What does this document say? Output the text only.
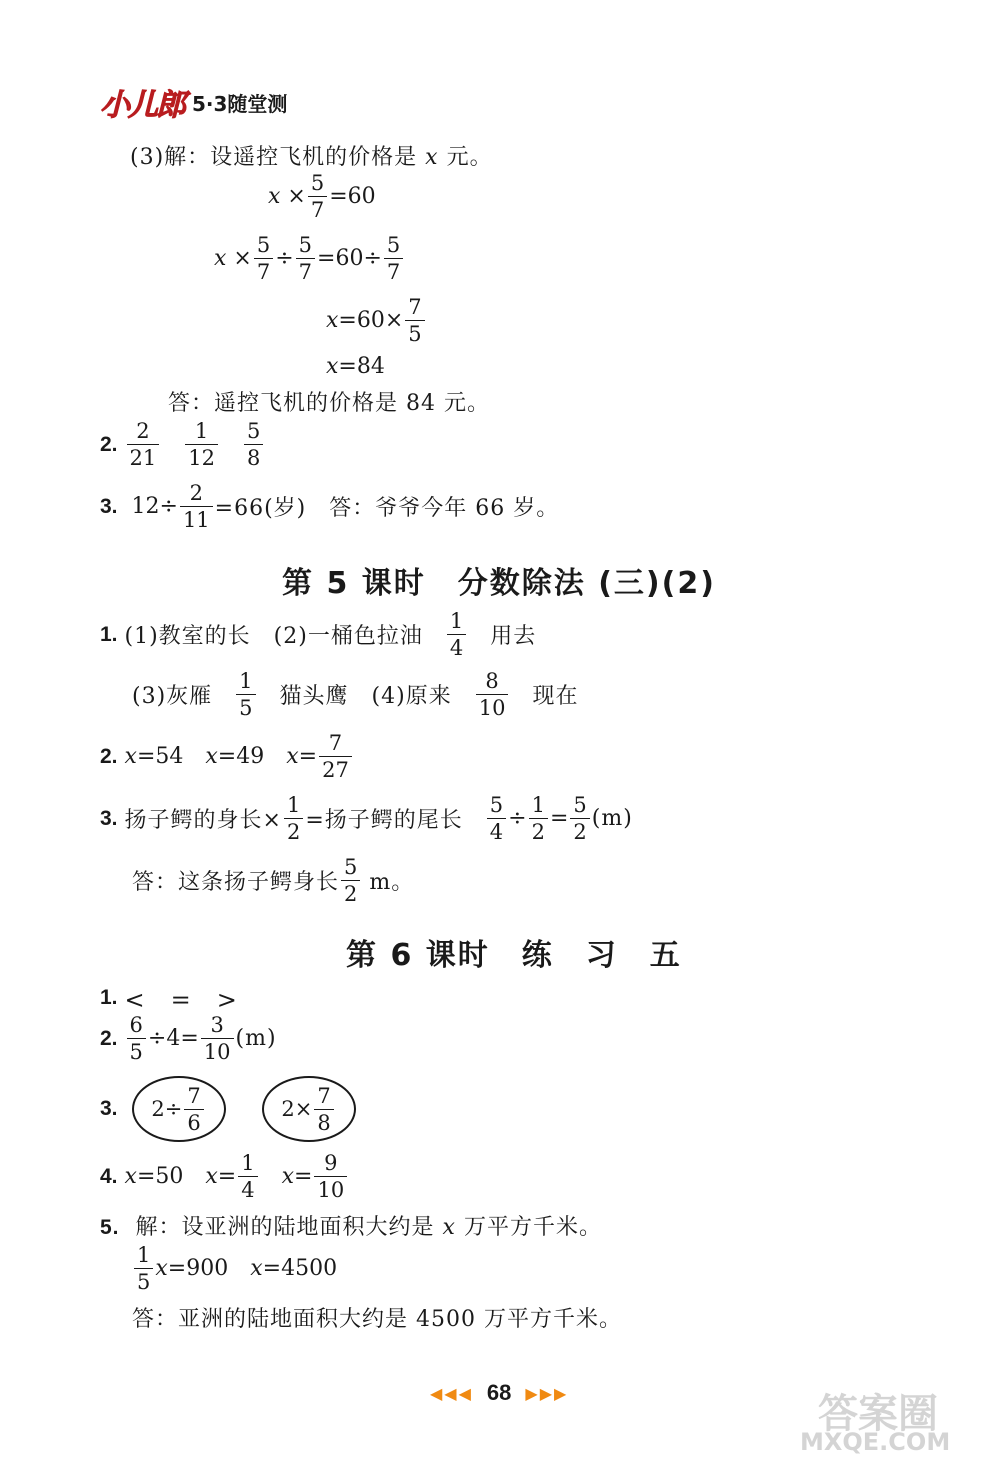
小儿郎 5·3随堂测
(3)解：设遥控飞机的价格是 x 元。
$x \times \frac{5}{7} =60$
$x \times \frac{5}{7} \div \frac{5}{7} =60\div \frac{5}{7}$
$x =60\times \frac{7}{5}$
x =84
答：遥控飞机的价格是 84 元。
2.
$\frac{2}{21}$
  $\frac{1}{12}$
  $\frac{5}{8}$
3. $12\div \frac{2}{11} =66$(岁)　答：爷爷今年 66 岁。
第 5 课时　分数除法 (三)(2)
1.
(1)教室的长　(2)一桶色拉油
  $\frac{1}{4}$
  用去
(3)灰雁
  $\frac{1}{5}$
  猫头鹰　(4)原来
  $\frac{8}{10}$
  现在
2.
x =54  x =49  $x = \frac{7}{27}$
3.
扬子鳄的身长× $\frac{1}{2}$ =扬子鳄的尾长
  $\frac{5}{4} \div \frac{1}{2} = \frac{5}{2} (m)$
答：这条扬子鳄身长 $\frac{5}{2}$
m。
第 6 课时　练　习　五
1.
<　=　>
2.
$\frac{6}{5} \div 4= \frac{3}{10} (m)$
3.
	$2\div \frac{7}{6}$	$2\times \frac{7}{8}$
4.
x =50  $x = \frac{1}{4}$
  $x = \frac{9}{10}$
5. 解：设亚洲的陆地面积大约是 x 万平方千米。
$\frac{1}{5}$ x =900  x =4500
答：亚洲的陆地面积大约是 4500 万平方千米。
◀◀◀ 68 ▶▶▶	答案圈
MXQE.COM
